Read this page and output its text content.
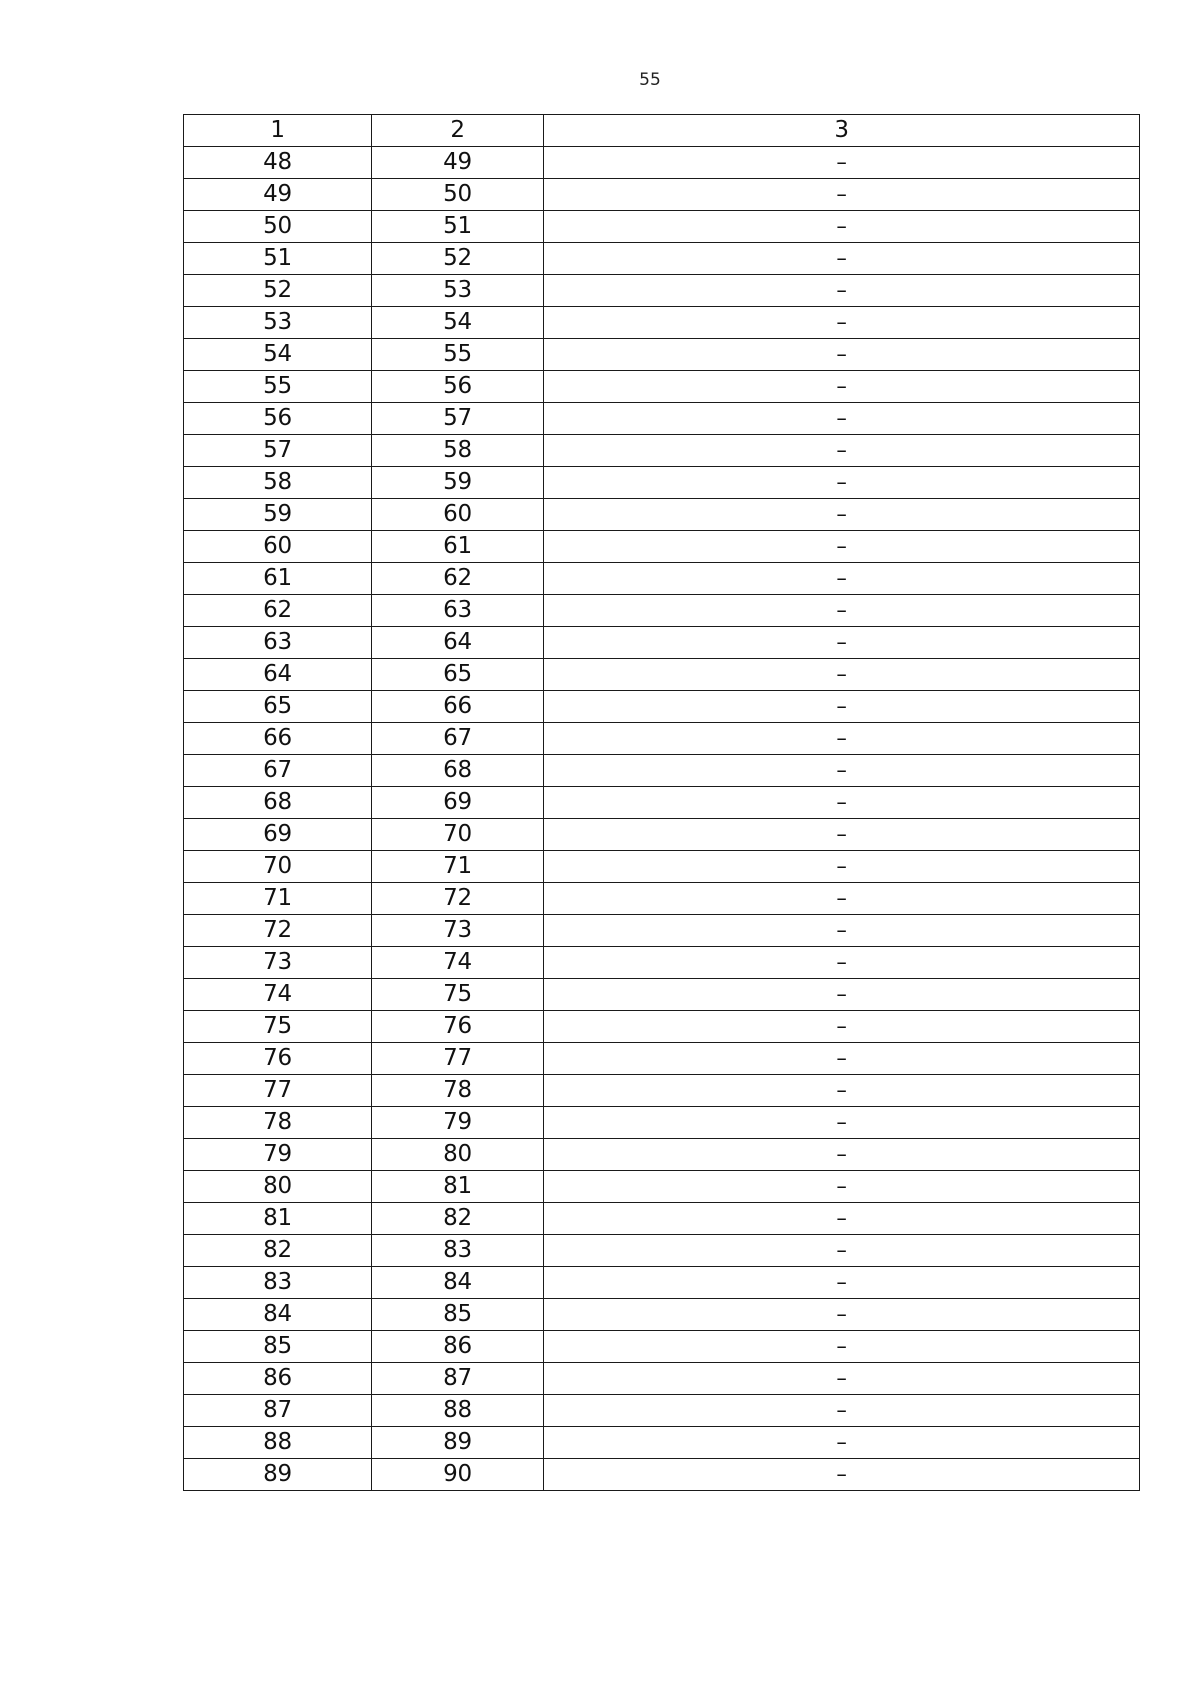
55
1	2	3
48	49	–
49	50	–
50	51	–
51	52	–
52	53	–
53	54	–
54	55	–
55	56	–
56	57	–
57	58	–
58	59	–
59	60	–
60	61	–
61	62	–
62	63	–
63	64	–
64	65	–
65	66	–
66	67	–
67	68	–
68	69	–
69	70	–
70	71	–
71	72	–
72	73	–
73	74	–
74	75	–
75	76	–
76	77	–
77	78	–
78	79	–
79	80	–
80	81	–
81	82	–
82	83	–
83	84	–
84	85	–
85	86	–
86	87	–
87	88	–
88	89	–
89	90	–
